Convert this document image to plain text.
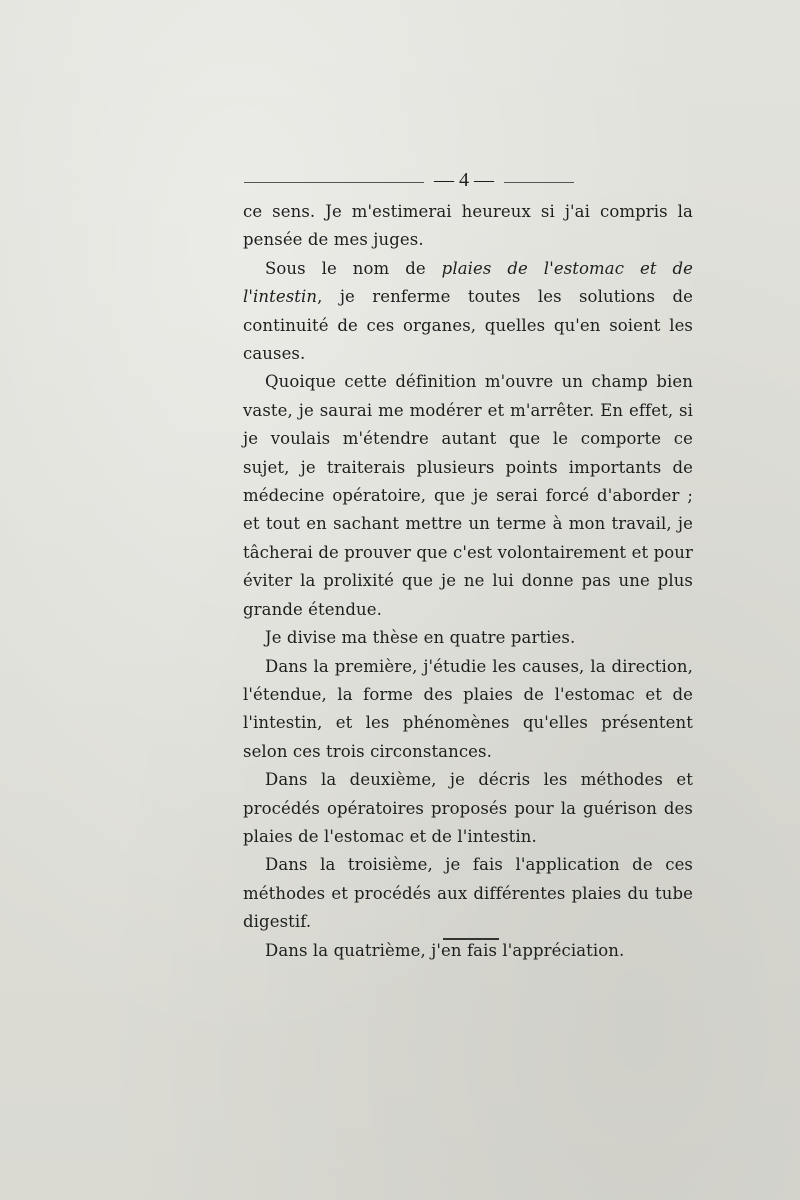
— 4 —

ce sens. Je m'estimerai heureux si j'ai compris la pensée de mes juges.

Sous le nom de plaies de l'estomac et de l'intestin, je renferme toutes les solutions de continuité de ces organes, quelles qu'en soient les causes.

Quoique cette définition m'ouvre un champ bien vaste, je saurai me modérer et m'arrêter. En effet, si je voulais m'étendre autant que le comporte ce sujet, je traiterais plusieurs points importants de médecine opératoire, que je serai forcé d'aborder ; et tout en sachant mettre un terme à mon travail, je tâcherai de prouver que c'est volontairement et pour éviter la prolixité que je ne lui donne pas une plus grande étendue.

Je divise ma thèse en quatre parties.

Dans la première, j'étudie les causes, la direction, l'étendue, la forme des plaies de l'estomac et de l'intestin, et les phénomènes qu'elles présentent selon ces trois circonstances.

Dans la deuxième, je décris les méthodes et procédés opératoires proposés pour la guérison des plaies de l'estomac et de l'intestin.

Dans la troisième, je fais l'application de ces méthodes et procédés aux différentes plaies du tube digestif.

Dans la quatrième, j'en fais l'appréciation.
